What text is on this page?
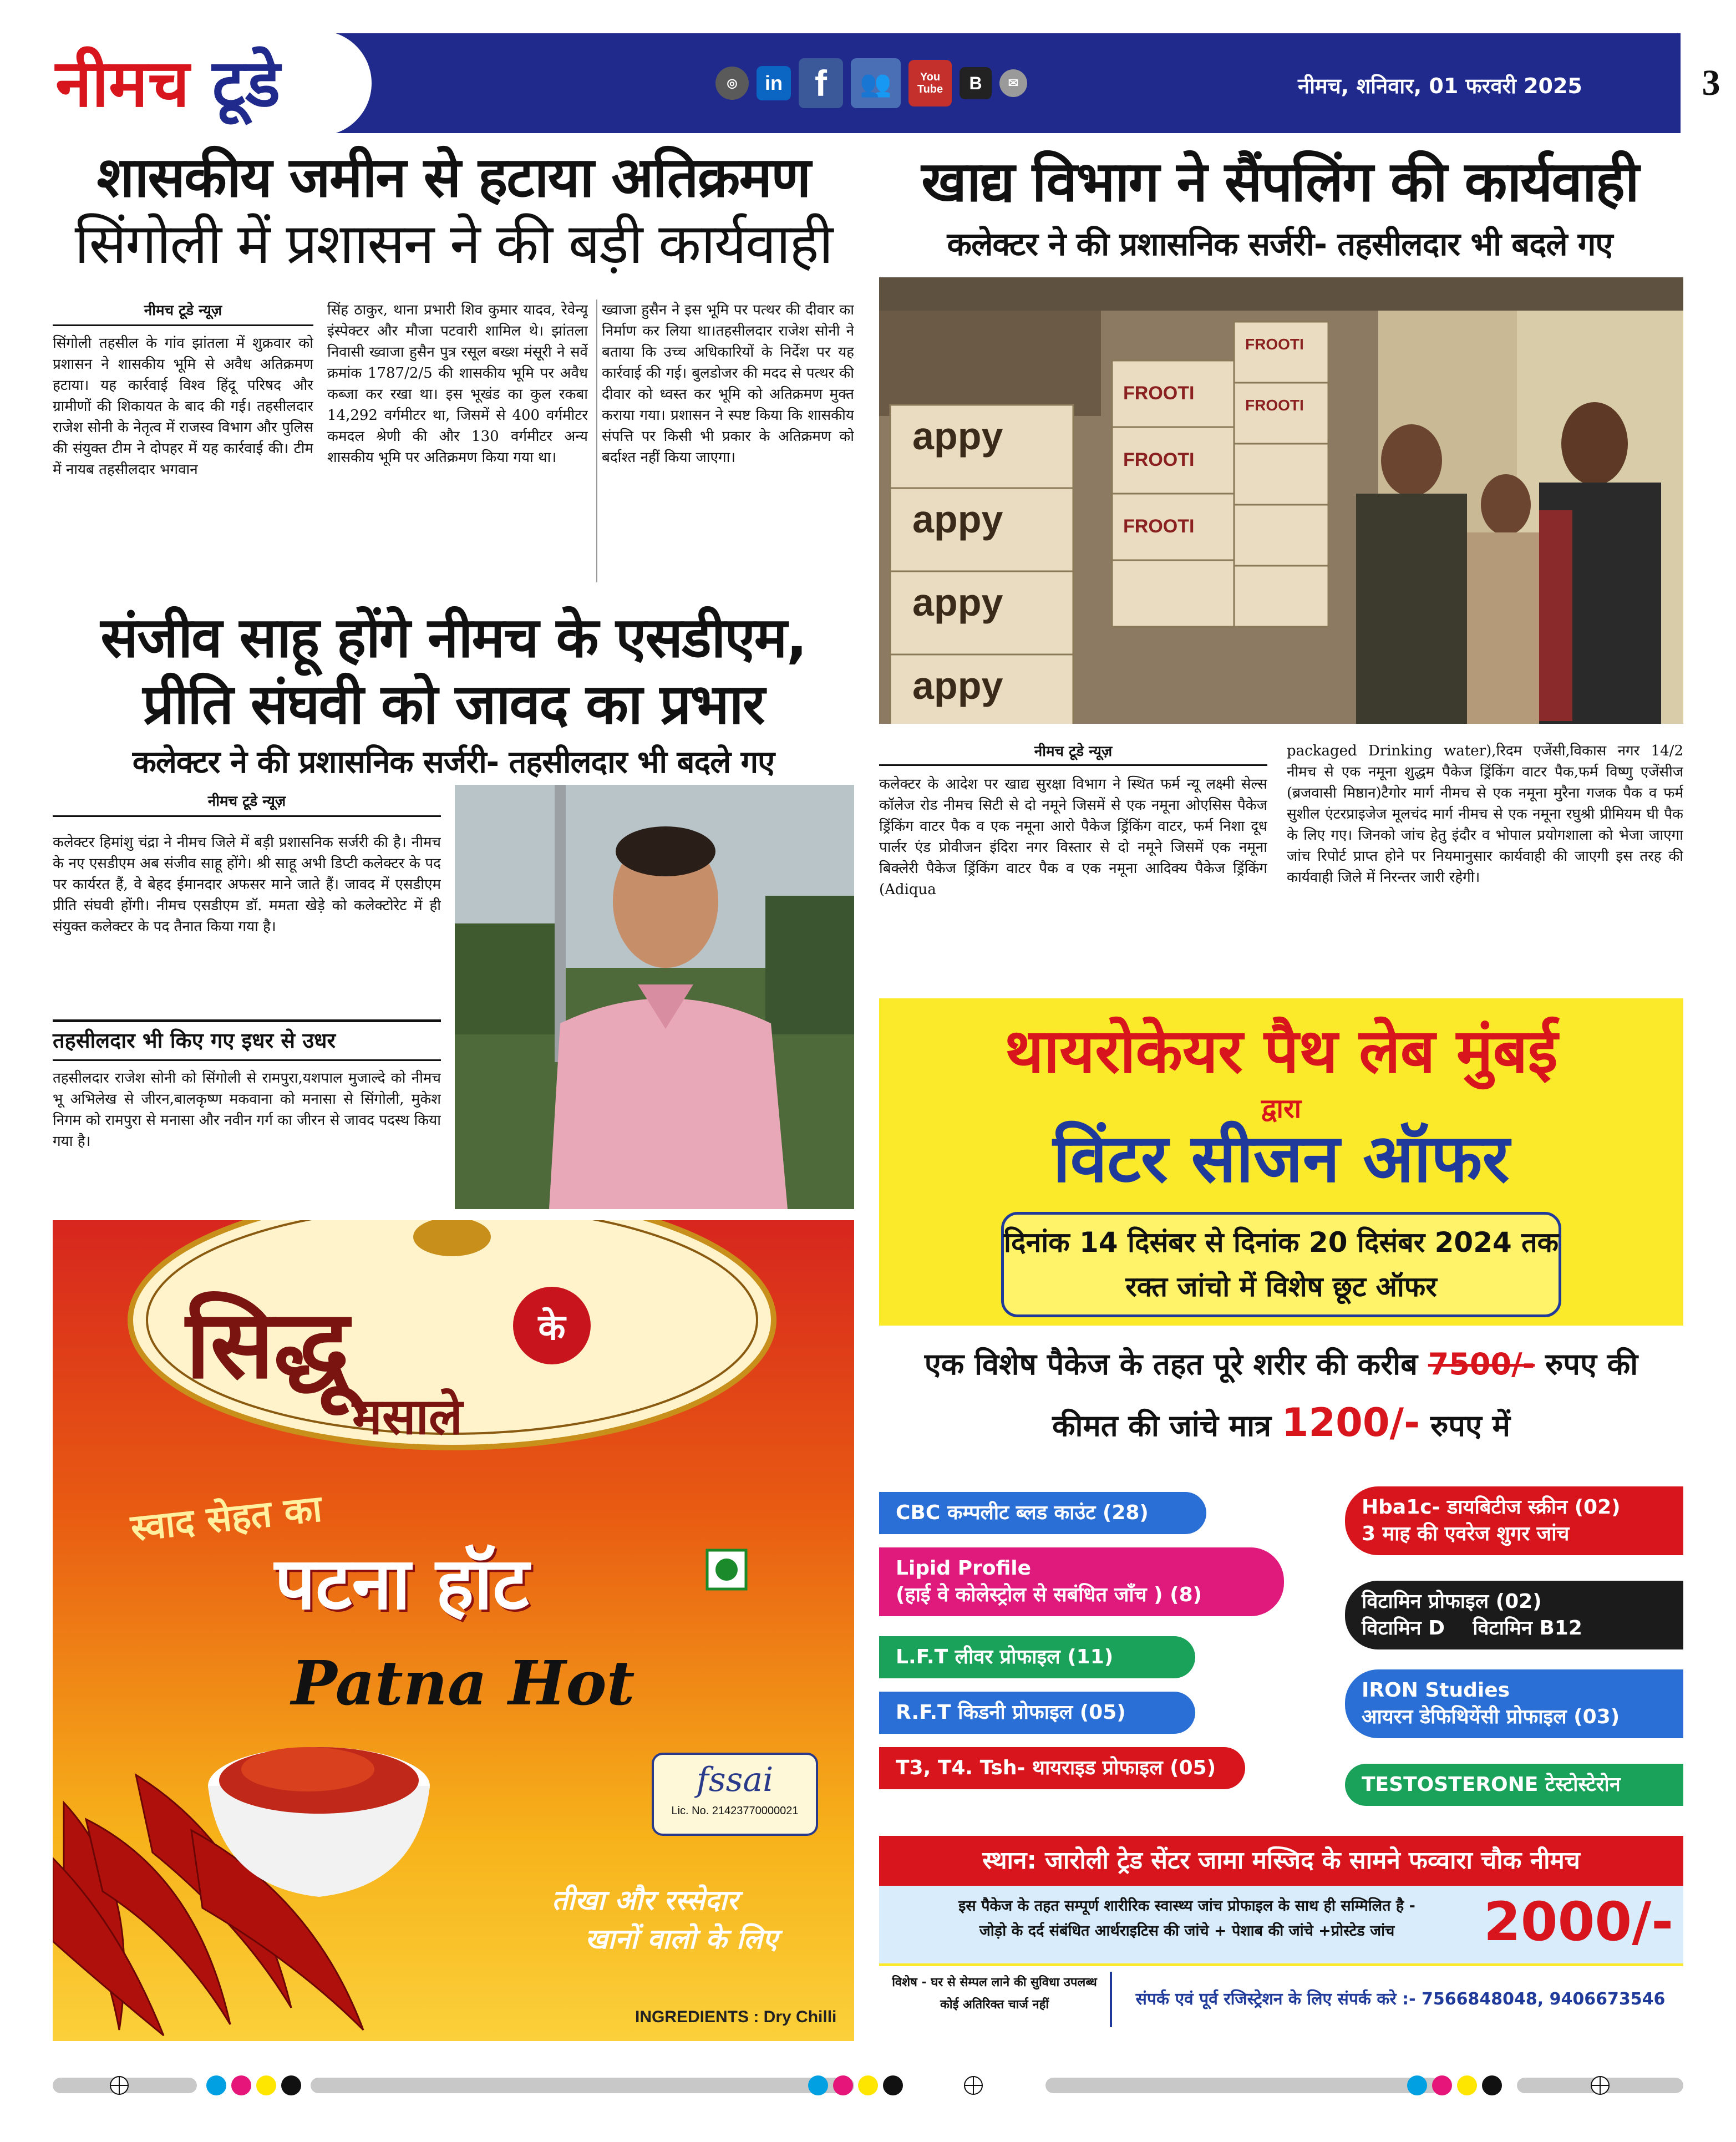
नीमच टूडे	◎	in f	👥	You Tube	B	✉	नीमच, शनिवार, 01 फरवरी 2025	3
शासकीय जमीन से हटाया अतिक्रमण
सिंगोली में प्रशासन ने की बड़ी कार्यवाही
नीमच टूडे न्यूज़
सिंगोली तहसील के गांव झांतला में शुक्रवार को प्रशासन ने शासकीय भूमि से अवैध अतिक्रमण हटाया। यह कार्रवाई विश्व हिंदू परिषद और ग्रामीणों की शिकायत के बाद की गई। तहसीलदार राजेश सोनी के नेतृत्व में राजस्व विभाग और पुलिस की संयुक्त टीम ने दोपहर में यह कार्रवाई की। टीम में नायब तहसीलदार भगवान
सिंह ठाकुर, थाना प्रभारी शिव कुमार यादव, रेवेन्यू इंस्पेक्टर और मौजा पटवारी शामिल थे। झांतला निवासी ख्वाजा हुसैन पुत्र रसूल बख्श मंसूरी ने सर्वे क्रमांक 1787/2/5 की शासकीय भूमि पर अवैध कब्जा कर रखा था। इस भूखंड का कुल रकबा 14,292 वर्गमीटर था, जिसमें से 400 वर्गमीटर कमदल श्रेणी की और 130 वर्गमीटर अन्य शासकीय भूमि पर अतिक्रमण किया गया था।
ख्वाजा हुसैन ने इस भूमि पर पत्थर की दीवार का निर्माण कर लिया था।तहसीलदार राजेश सोनी ने बताया कि उच्च अधिकारियों के निर्देश पर यह कार्रवाई की गई। बुलडोजर की मदद से पत्थर की दीवार को ध्वस्त कर भूमि को अतिक्रमण मुक्त कराया गया। प्रशासन ने स्पष्ट किया कि शासकीय संपत्ति पर किसी भी प्रकार के अतिक्रमण को बर्दाश्त नहीं किया जाएगा।
खाद्य विभाग ने सैंपलिंग की कार्यवाही
कलेक्टर ने की प्रशासनिक सर्जरी- तहसीलदार भी बदले गए
appy
appy
appy
appy
FROOTI
FROOTI
FROOTI
FROOTI
FROOTI
नीमच टूडे न्यूज़
कलेक्टर के आदेश पर खाद्य सुरक्षा विभाग ने स्थित फर्म न्यू लक्ष्मी सेल्स कॉलेज रोड नीमच सिटी से दो नमूने जिसमें से एक नमूना ओएसिस पैकेज ड्रिंकिंग वाटर पैक व एक नमूना आरो पैकेज ड्रिंकिंग वाटर, फर्म निशा दूध पार्लर एंड प्रोवीजन इंदिरा नगर विस्तार से दो नमूने जिसमें एक नमूना बिक्लेरी पैकेज ड्रिंकिंग वाटर पैक व एक नमूना आदिक्य पैकेज ड्रिंकिंग (Adiqua
packaged Drinking water),रिदम एजेंसी,विकास नगर 14/2 नीमच से एक नमूना शुद्धम पैकेज ड्रिंकिंग वाटर पैक,फर्म विष्णु एजेंसीज (ब्रजवासी मिष्ठान)टैगोर मार्ग नीमच से एक नमूना मुरैना गजक पैक व फर्म सुशील एंटरप्राइजेज मूलचंद मार्ग नीमच से एक नमूना रघुश्री प्रीमियम घी पैक के लिए गए। जिनको जांच हेतु इंदौर व भोपाल प्रयोगशाला को भेजा जाएगा जांच रिपोर्ट प्राप्त होने पर नियमानुसार कार्यवाही की जाएगी इस तरह की कार्यवाही जिले में निरन्तर जारी रहेगी।
संजीव साहू होंगे नीमच के एसडीएम,
प्रीति संघवी को जावद का प्रभार
कलेक्टर ने की प्रशासनिक सर्जरी- तहसीलदार भी बदले गए
नीमच टूडे न्यूज़
कलेक्टर हिमांशु चंद्रा ने नीमच जिले में बड़ी प्रशासनिक सर्जरी की है। नीमच के नए एसडीएम अब संजीव साहू होंगे। श्री साहू अभी डिप्टी कलेक्टर के पद पर कार्यरत हैं, वे बेहद ईमानदार अफसर माने जाते हैं। जावद में एसडीएम प्रीति संघवी होंगी। नीमच एसडीएम डॉ. ममता खेड़े को कलेक्टोरेट में ही संयुक्त कलेक्टर के पद तैनात किया गया है।
तहसीलदार भी किए गए इधर से उधर
तहसीलदार राजेश सोनी को सिंगोली से रामपुरा,यशपाल मुजाल्दे को नीमच भू अभिलेख से जीरन,बालकृष्ण मकवाना को मनासा से सिंगोली, मुकेश निगम को रामपुरा से मनासा और नवीन गर्ग का जीरन से जावद पदस्थ किया गया है।
सिद्धू	के
मसाले
स्वाद सेहत का
पटना हॉट
Patna Hot
fssai
Lic. No. 21423770000021
तीखा और रस्सेदार
खानों वालो के लिए
INGREDIENTS : Dry Chilli
थायरोकेयर पैथ लेब मुंबई
द्वारा
विंटर सीजन ऑफर
दिनांक 14 दिसंबर से दिनांक 20 दिसंबर 2024 तक
रक्त जांचो में विशेष छूट ऑफर
एक विशेष पैकेज के तहत पूरे शरीर की करीब 7500/- रुपए की
कीमत की जांचे मात्र 1200/- रुपए में
CBC कम्पलीट ब्लड काउंट (28)
Lipid Profile
(हाई वे कोलेस्ट्रोल से सबंधित जाँच ) (8)
L.F.T लीवर प्रोफाइल (11)
R.F.T किडनी प्रोफाइल (05)
T3, T4. Tsh- थायराइड प्रोफाइल (05)
Hba1c- डायबिटीज स्क्रीन (02)
3 माह की एवरेज शुगर जांच
विटामिन प्रोफाइल (02)
विटामिन D    विटामिन B12
IRON Studies
आयरन डेफिथियेंसी प्रोफाइल (03)
TESTOSTERONE टेस्टोस्टेरोन
स्थान: जारोली ट्रेड सेंटर जामा मस्जिद के सामने फव्वारा चौक नीमच
इस पैकेज के तहत सम्पूर्ण शारीरिक स्वास्थ्य जांच प्रोफाइल के साथ ही सम्मिलित है -
जोड़ो के दर्द संबंधित आर्थराइटिस की जांचे + पेशाब की जांचे +प्रोस्टेड जांच	2000/-
विशेष - घर से सेम्पल लाने की सुविधा उपलब्ध
कोई अतिरिक्त चार्ज नहीं	संपर्क एवं पूर्व रजिस्ट्रेशन के लिए संपर्क करे :- 7566848048, 9406673546
